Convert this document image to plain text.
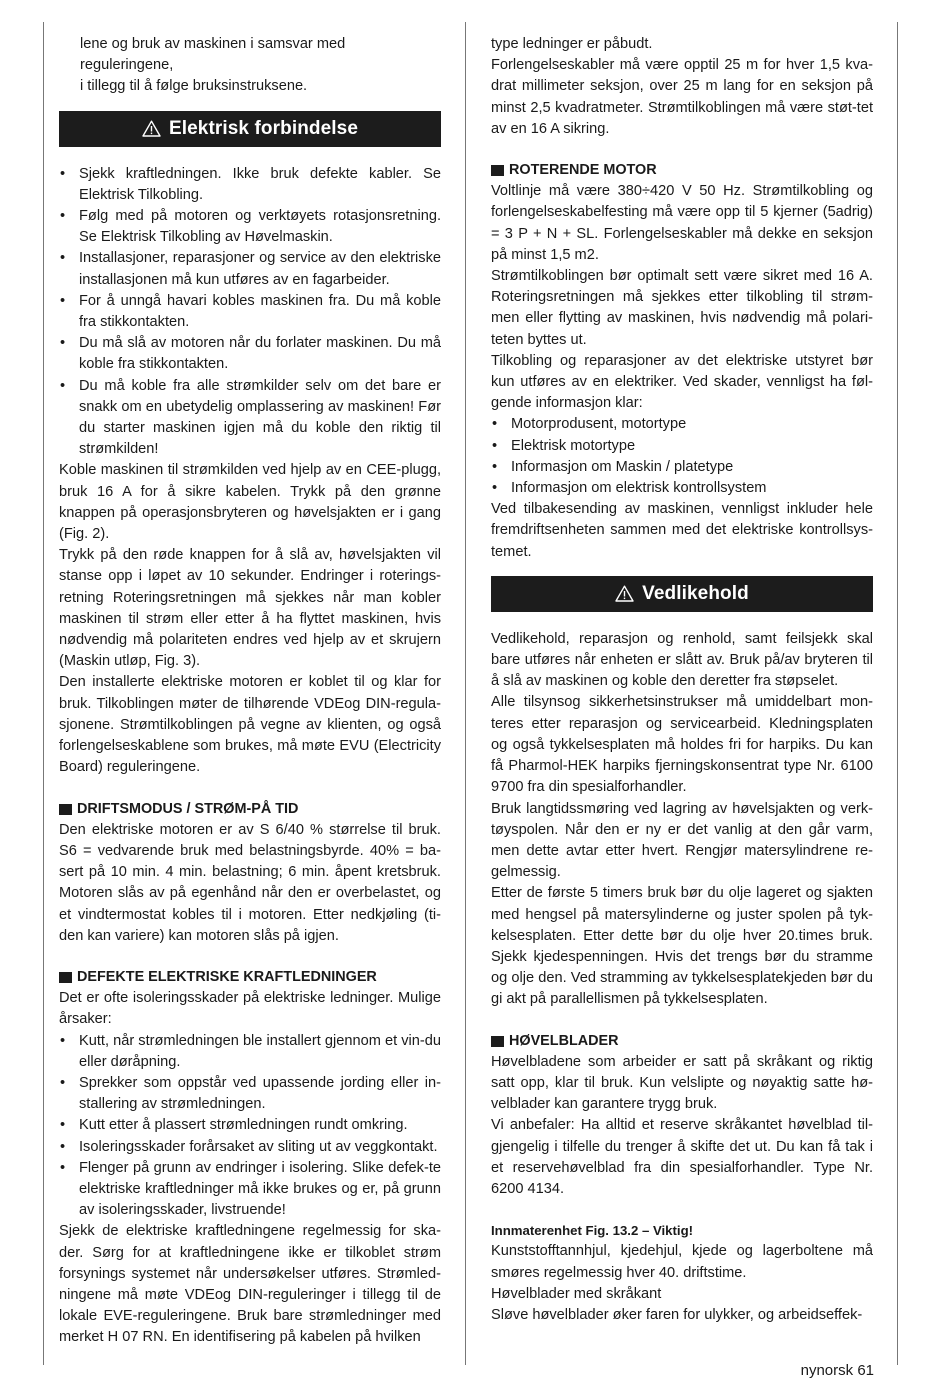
lene og bruk av maskinen i samsvar med reguleringene,
i tillegg til å følge bruksinstruksene.
Elektrisk forbindelse
• Sjekk kraftledningen. Ikke bruk defekte kabler. Se Elektrisk Tilkobling.
• Følg med på motoren og verktøyets rotasjonsretning. Se Elektrisk Tilkobling av Høvelmaskin.
• Installasjoner, reparasjoner og service av den elektriske installasjonen må kun utføres av en fagarbeider.
• For å unngå havari kobles maskinen fra. Du må koble fra stikkontakten.
• Du må slå av motoren når du forlater maskinen. Du må koble fra stikkontakten.
• Du må koble fra alle strømkilder selv om det bare er snakk om en ubetydelig omplassering av maskinen! Før du starter maskinen igjen må du koble den riktig til strømkilden!

Koble maskinen til strømkilden ved hjelp av en CEE-plugg, bruk 16 A for å sikre kabelen. Trykk på den grønne knappen på operasjonsbryteren og høvelsjakten er i gang (Fig. 2).

Trykk på den røde knappen for å slå av, høvelsjakten vil stanse opp i løpet av 10 sekunder. Endringer i roterings-retning Roteringsretningen må sjekkes når man kobler maskinen til strøm eller etter å ha flyttet maskinen, hvis nødvendig må polariteten endres ved hjelp av et skrujern (Maskin utløp, Fig. 3).

Den installerte elektriske motoren er koblet til og klar for bruk. Tilkoblingen møter de tilhørende VDEog DIN-regula-sjonene. Strømtilkoblingen på vegne av klienten, og også forlengelseskablene som brukes, må møte EVU (Electricity Board) reguleringene.

DRIFTSMODUS / STRØM-PÅ TID

Den elektriske motoren er av S 6/40 % størrelse til bruk. S6 = vedvarende bruk med belastningsbyrde. 40% = ba-sert på 10 min. 4 min. belastning; 6 min. åpent kretsbruk. Motoren slås av på egenhånd når den er overbelastet, og et vindtermostat kobles til i motoren. Etter nedkjøling (ti-den kan variere) kan motoren slås på igjen.

DEFEKTE ELEKTRISKE KRAFTLEDNINGER

Det er ofte isoleringsskader på elektriske ledninger. Mulige årsaker:

• Kutt, når strømledningen ble installert gjennom et vin-du eller døråpning.
• Sprekker som oppstår ved upassende jording eller in-stallering av strømledningen.
• Kutt etter å plassert strømledningen rundt omkring.
• Isoleringsskader forårsaket av sliting ut av veggkontakt.
• Flenger på grunn av endringer i isolering. Slike defek-te elektriske kraftledninger må ikke brukes og er, på grunn av isoleringsskader, livstruende!

Sjekk de elektriske kraftledningene regelmessig for ska-der. Sørg for at kraftledningene ikke er tilkoblet strøm forsynings systemet når undersøkelser utføres. Strømled-ningene må møte VDEog DIN-reguleringer i tillegg til de lokale EVE-reguleringene. Bruk bare strømledninger med merket H 07 RN. En identifisering på kabelen på hvilken

type ledninger er påbudt.

Forlengelseskabler må være opptil 25 m for hver 1,5 kva-drat millimeter seksjon, over 25 m lang for en seksjon på minst 2,5 kvadratmeter. Strømtilkoblingen må være støt-tet av en 16 A sikring.

ROTERENDE MOTOR

Voltlinje må være 380÷420 V 50 Hz. Strømtilkobling og forlengelseskabelfesting må være opp til 5 kjerner (5adrig) = 3 P + N + SL. Forlengelseskabler må dekke en seksjon på minst 1,5 m2.

Strømtilkoblingen bør optimalt sett være sikret med 16 A. Roteringsretningen må sjekkes etter tilkobling til strøm-men eller flytting av maskinen, hvis nødvendig må polari-teten byttes ut.

Tilkobling og reparasjoner av det elektriske utstyret bør kun utføres av en elektriker. Ved skader, vennligst ha føl-gende informasjon klar:

• Motorprodusent, motortype
• Elektrisk motortype
• Informasjon om Maskin / platetype
• Informasjon om elektrisk kontrollsystem

Ved tilbakesending av maskinen, vennligst inkluder hele fremdriftsenheten sammen med det elektriske kontrollsys-temet.

Vedlikehold

Vedlikehold, reparasjon og renhold, samt feilsjekk skal bare utføres når enheten er slått av. Bruk på/av bryteren til å slå av maskinen og koble den deretter fra støpselet.

Alle tilsynsog sikkerhetsinstrukser må umiddelbart mon-teres etter reparasjon og servicearbeid. Kledningsplaten og også tykkelsesplaten må holdes fri for harpiks. Du kan få Pharmol-HEK harpiks fjerningskonsentrat type Nr. 6100 9700 fra din spesialforhandler.

Bruk langtidssmøring ved lagring av høvelsjakten og verk-tøyspolen. Når den er ny er det vanlig at den går varm, men dette avtar etter hvert. Rengjør matersylindrene re-gelmessig.

Etter de første 5 timers bruk bør du olje lageret og sjakten med hengsel på matersylinderne og juster spolen på tyk-kelsesplaten. Etter dette bør du olje hver 20.times bruk. Sjekk kjedespenningen. Hvis det trengs bør du stramme og olje den. Ved stramming av tykkelsesplatekjeden bør du gi akt på parallellismen på tykkelsesplaten.

HØVELBLADER

Høvelbladene som arbeider er satt på skråkant og riktig satt opp, klar til bruk. Kun velslipte og nøyaktig satte hø-velblader kan garantere trygg bruk.

Vi anbefaler: Ha alltid et reserve skråkantet høvelblad til-gjengelig i tilfelle du trenger å skifte det ut. Du kan få tak i et reservehøvelblad fra din spesialforhandler. Type Nr. 6200 4134.

Innmaterenhet Fig. 13.2 – Viktig!

Kunststofftannhjul, kjedehjul, kjede og lagerboltene må smøres regelmessig hver 40. driftstime.

Høvelblader med skråkant

Sløve høvelblader øker faren for ulykker, og arbeidseffek-

nynorsk 61
